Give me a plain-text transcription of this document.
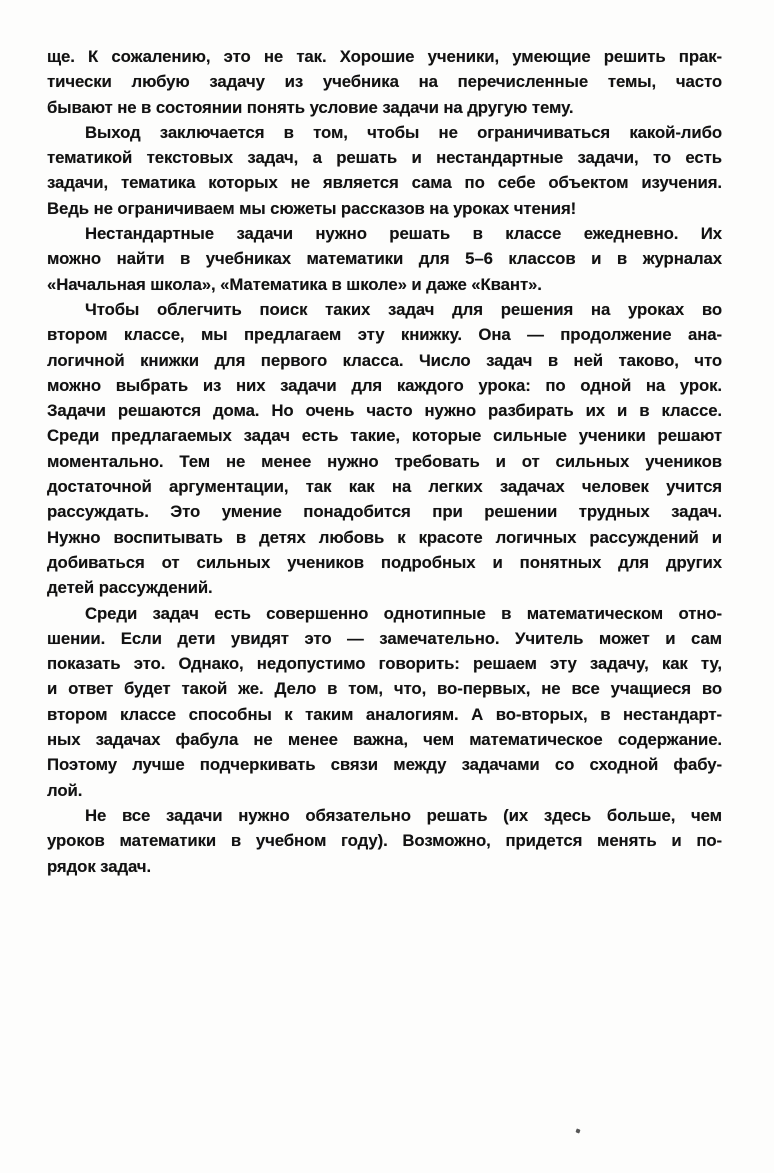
ще. К сожалению, это не так. Хорошие ученики, умеющие решить прак-
тически любую задачу из учебника на перечисленные темы, часто
бывают не в состоянии понять условие задачи на другую тему.
Выход заключается в том, чтобы не ограничиваться какой-либо
тематикой текстовых задач, а решать и нестандартные задачи, то есть
задачи, тематика которых не является сама по себе объектом изучения.
Ведь не ограничиваем мы сюжеты рассказов на уроках чтения!
Нестандартные задачи нужно решать в классе ежедневно. Их
можно найти в учебниках математики для 5–6 классов и в журналах
«Начальная школа», «Математика в школе» и даже «Квант».
Чтобы облегчить поиск таких задач для решения на уроках во
втором классе, мы предлагаем эту книжку. Она — продолжение ана-
логичной книжки для первого класса. Число задач в ней таково, что
можно выбрать из них задачи для каждого урока: по одной на урок.
Задачи решаются дома. Но очень часто нужно разбирать их и в классе.
Среди предлагаемых задач есть такие, которые сильные ученики решают
моментально. Тем не менее нужно требовать и от сильных учеников
достаточной аргументации, так как на легких задачах человек учится
рассуждать. Это умение понадобится при решении трудных задач.
Нужно воспитывать в детях любовь к красоте логичных рассуждений и
добиваться от сильных учеников подробных и понятных для других
детей рассуждений.
Среди задач есть совершенно однотипные в математическом отно-
шении. Если дети увидят это — замечательно. Учитель может и сам
показать это. Однако, недопустимо говорить: решаем эту задачу, как ту,
и ответ будет такой же. Дело в том, что, во-первых, не все учащиеся во
втором классе способны к таким аналогиям. А во-вторых, в нестандарт-
ных задачах фабула не менее важна, чем математическое содержание.
Поэтому лучше подчеркивать связи между задачами со сходной фабу-
лой.
Не все задачи нужно обязательно решать (их здесь больше, чем
уроков математики в учебном году). Возможно, придется менять и по-
рядок задач.
